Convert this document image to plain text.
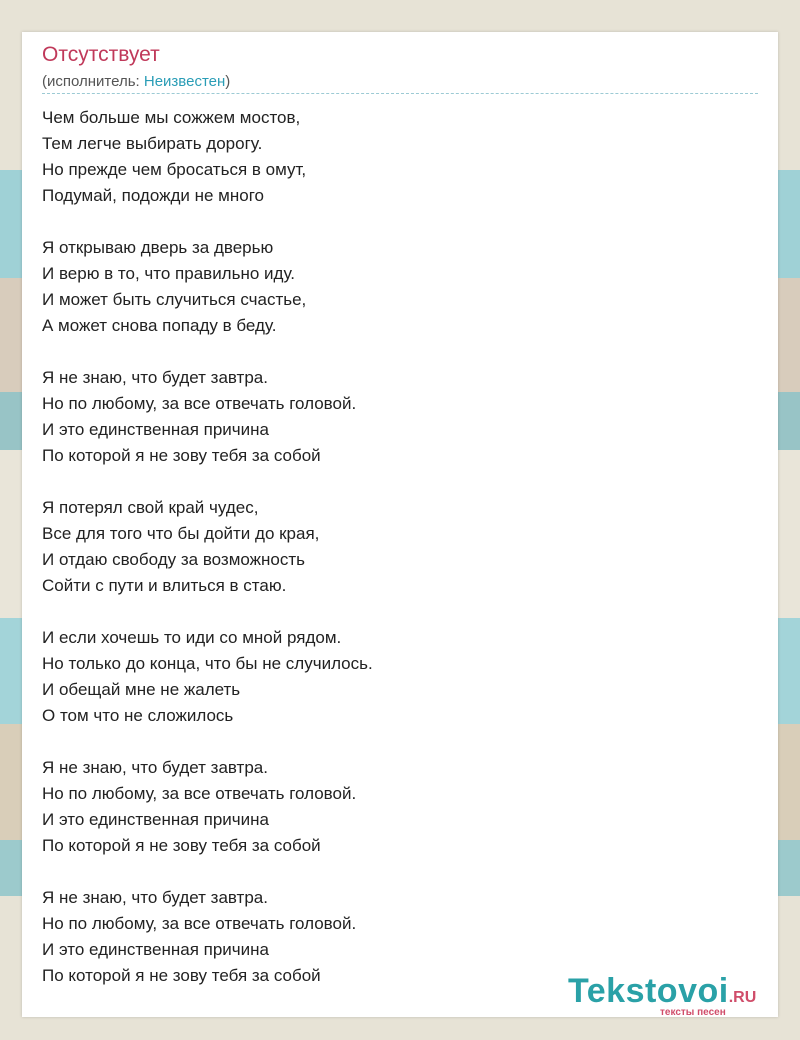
Отсутствует
(исполнитель: Неизвестен)
Чем больше мы сожжем мостов,
Тем легче выбирать дорогу.
Но прежде чем бросаться в омут,
Подумай, подожди не много
Я открываю дверь за дверью
И верю в то, что правильно иду.
И может быть случиться счастье,
А может снова попаду в беду.
Я не знаю, что будет завтра.
Но по любому, за все отвечать головой.
И это единственная причина
По которой я не зову тебя за собой
Я потерял свой край чудес,
Все для того что бы дойти до края,
И отдаю свободу за возможность
Сойти с пути и влиться в стаю.
И если хочешь то иди со мной рядом.
Но только до конца, что бы не случилось.
И обещай мне не жалеть
О том что не сложилось
Я не знаю, что будет завтра.
Но по любому, за все отвечать головой.
И это единственная причина
По которой я не зову тебя за собой
Я не знаю, что будет завтра.
Но по любому, за все отвечать головой.
И это единственная причина
По которой я не зову тебя за собой	Tekstovoi.RU
тексты песен
